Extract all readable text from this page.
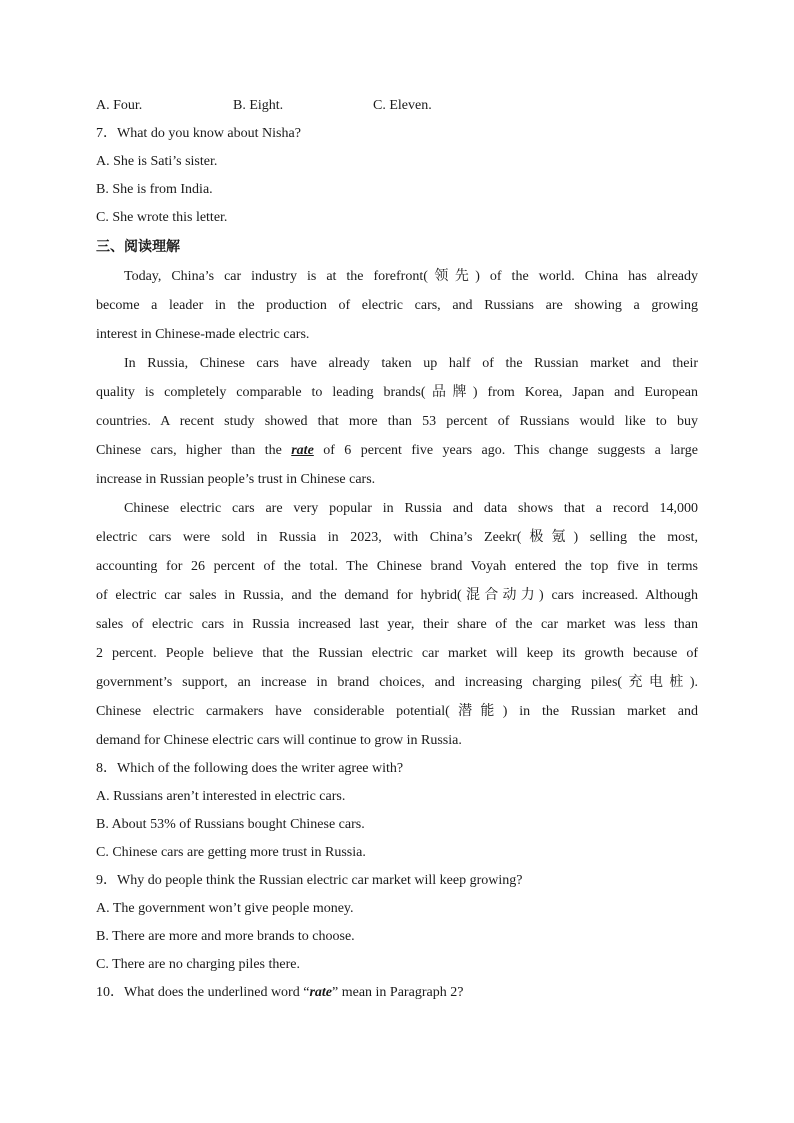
A. Four.	B. Eight.	C. Eleven.
7．What do you know about Nisha?
A. She is Sati’s sister.
B. She is from India.
C. She wrote this letter.
三、阅读理解
Today, China’s car industry is at the forefront(领先) of the world. China has already
become a leader in the production of electric cars, and Russians are showing a growing
interest in Chinese-made electric cars.
In Russia, Chinese cars have already taken up half of the Russian market and their
quality is completely comparable to leading brands(品牌) from Korea, Japan and European
countries. A recent study showed that more than 53 percent of Russians would like to buy
Chinese cars, higher than the rate of 6 percent five years ago. This change suggests a large
increase in Russian people’s trust in Chinese cars.
Chinese electric cars are very popular in Russia and data shows that a record 14,000
electric cars were sold in Russia in 2023, with China’s Zeekr(极氪) selling the most,
accounting for 26 percent of the total. The Chinese brand Voyah entered the top five in terms
of electric car sales in Russia, and the demand for hybrid(混合动力) cars increased. Although
sales of electric cars in Russia increased last year, their share of the car market was less than
2 percent. People believe that the Russian electric car market will keep its growth because of
government’s support, an increase in brand choices, and increasing charging piles(充电桩).
Chinese electric carmakers have considerable potential(潜能) in the Russian market and
demand for Chinese electric cars will continue to grow in Russia.
8．Which of the following does the writer agree with?
A. Russians aren’t interested in electric cars.
B. About 53% of Russians bought Chinese cars.
C. Chinese cars are getting more trust in Russia.
9．Why do people think the Russian electric car market will keep growing?
A. The government won’t give people money.
B. There are more and more brands to choose.
C. There are no charging piles there.
10．What does the underlined word “rate” mean in Paragraph 2?
